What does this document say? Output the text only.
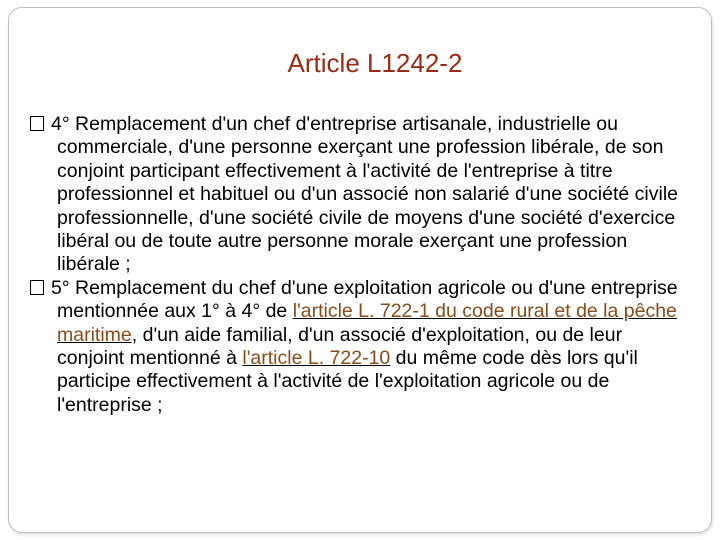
Article L1242-2

4° Remplacement d'un chef d'entreprise artisanale, industrielle ou commerciale, d'une personne exerçant une profession libérale, de son conjoint participant effectivement à l'activité de l'entreprise à titre professionnel et habituel ou d'un associé non salarié d'une société civile professionnelle, d'une société civile de moyens d'une société d'exercice libéral ou de toute autre personne morale exerçant une profession libérale ;

5° Remplacement du chef d'une exploitation agricole ou d'une entreprise mentionnée aux 1° à 4° de l'article L. 722-1 du code rural et de la pêche maritime, d'un aide familial, d'un associé d'exploitation, ou de leur conjoint mentionné à l'article L. 722-10 du même code dès lors qu'il participe effectivement à l'activité de l'exploitation agricole ou de l'entreprise ;
